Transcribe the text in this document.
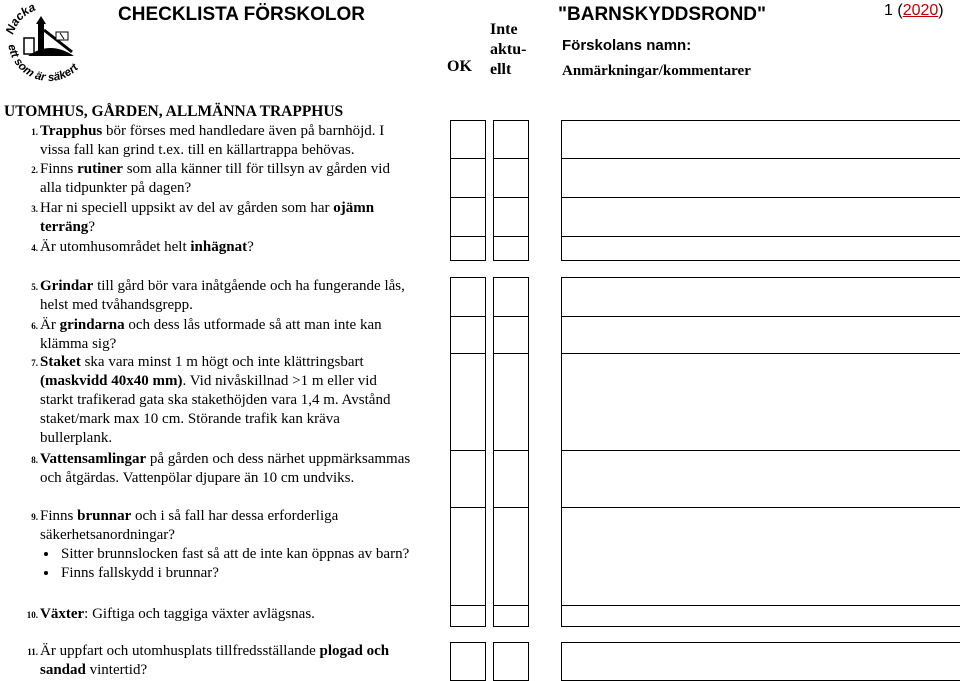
Nacka
ett som är säkert
CHECKLISTA FÖRSKOLOR	"BARNSKYDDSROND"	1 (2020)
OK
Inte
aktu-
ellt
Förskolans namn:
Anmärkningar/kommentarer
UTOMHUS, GÅRDEN, ALLMÄNNA TRAPPHUS
1. Trapphus bör förses med handledare även på barnhöjd. I vissa fall kan grind t.ex. till en källartrappa behövas.
2. Finns rutiner som alla känner till för tillsyn av gården vid alla tidpunkter på dagen?
3. Har ni speciell uppsikt av del av gården som har ojämn terräng?
4. Är utomhusområdet helt inhägnat?
5. Grindar till gård bör vara inåtgående och ha fungerande lås, helst med tvåhandsgrepp.
6. Är grindarna och dess lås utformade så att man inte kan klämma sig?
7. Staket ska vara minst 1 m högt och inte klättringsbart (maskvidd 40x40 mm). Vid nivåskillnad >1 m eller vid starkt trafikerad gata ska stakethöjden vara 1,4 m. Avstånd staket/mark max 10 cm. Störande trafik kan kräva bullerplank.
8. Vattensamlingar på gården och dess närhet uppmärksammas och åtgärdas. Vattenpölar djupare än 10 cm undviks.
9. Finns brunnar och i så fall har dessa erforderliga säkerhetsanordningar?
• Sitter brunnslocken fast så att de inte kan öppnas av barn?
• Finns fallskydd i brunnar?
10. Växter: Giftiga och taggiga växter avlägsnas.
11. Är uppfart och utomhusplats tillfredsställande plogad och sandad vintertid?
